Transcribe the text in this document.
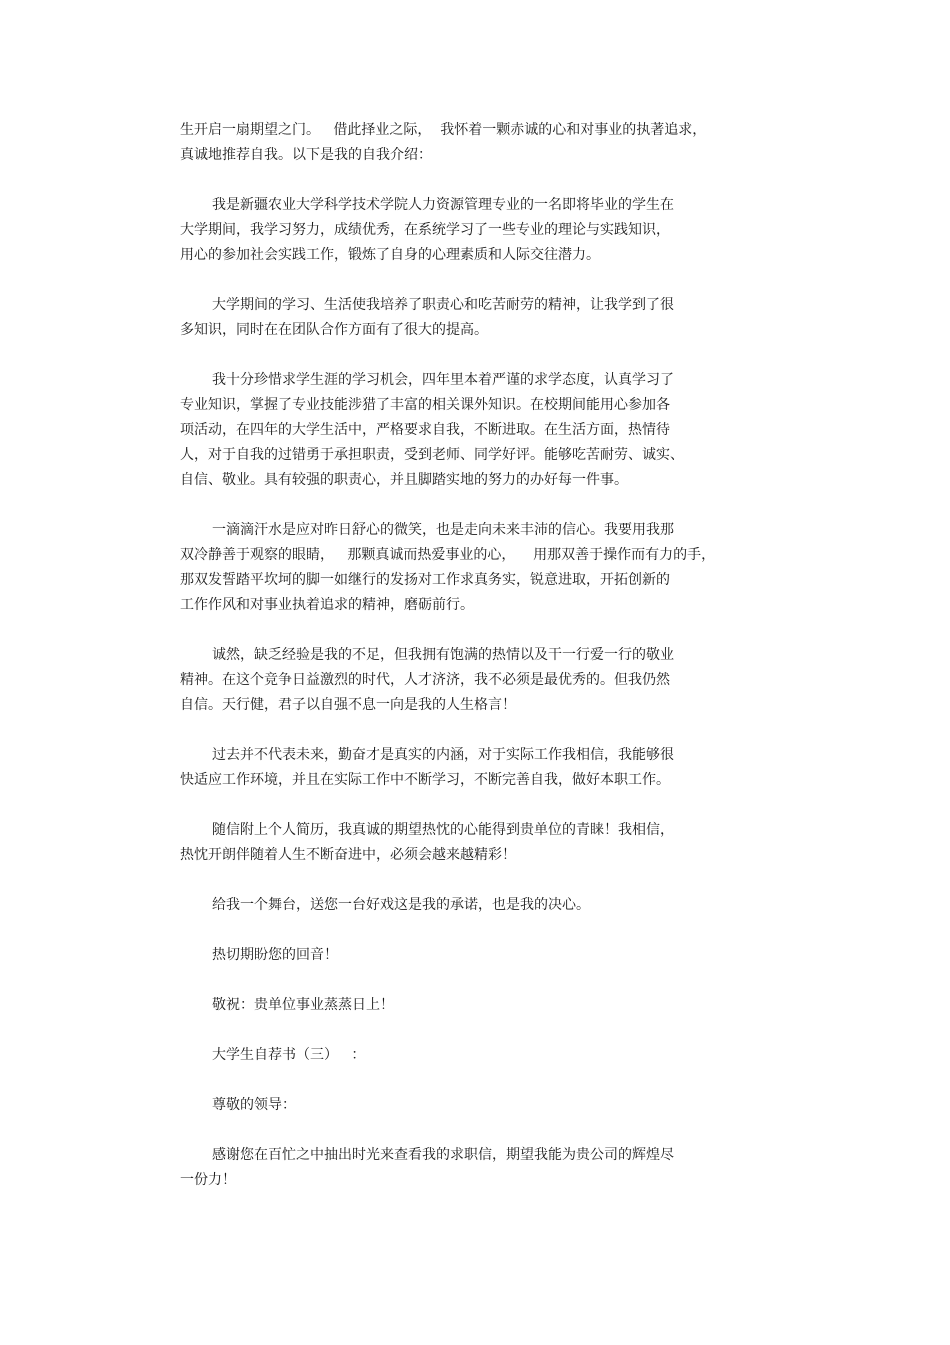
生开启一扇期望之门。   借此择业之际，  我怀着一颗赤诚的心和对事业的执著追求，
真诚地推荐自我。以下是我的自我介绍：
我是新疆农业大学科学技术学院人力资源管理专业的一名即将毕业的学生在
大学期间，我学习努力，成绩优秀，在系统学习了一些专业的理论与实践知识，
用心的参加社会实践工作，锻炼了自身的心理素质和人际交往潜力。
大学期间的学习、生活使我培养了职责心和吃苦耐劳的精神，让我学到了很
多知识，同时在在团队合作方面有了很大的提高。
我十分珍惜求学生涯的学习机会，四年里本着严谨的求学态度，认真学习了
专业知识，掌握了专业技能涉猎了丰富的相关课外知识。在校期间能用心参加各
项活动，在四年的大学生活中，严格要求自我，不断进取。在生活方面，热情待
人，对于自我的过错勇于承担职责，受到老师、同学好评。能够吃苦耐劳、诚实、
自信、敬业。具有较强的职责心，并且脚踏实地的努力的办好每一件事。
一滴滴汗水是应对昨日舒心的微笑，也是走向未来丰沛的信心。我要用我那
双冷静善于观察的眼睛，   那颗真诚而热爱事业的心，    用那双善于操作而有力的手，
那双发誓踏平坎坷的脚一如继行的发扬对工作求真务实，锐意进取，开拓创新的
工作作风和对事业执着追求的精神，磨砺前行。
诚然，缺乏经验是我的不足，但我拥有饱满的热情以及干一行爱一行的敬业
精神。在这个竞争日益激烈的时代，人才济济，我不必须是最优秀的。但我仍然
自信。天行健，君子以自强不息一向是我的人生格言！
过去并不代表未来，勤奋才是真实的内涵，对于实际工作我相信，我能够很
快适应工作环境，并且在实际工作中不断学习，不断完善自我，做好本职工作。
随信附上个人简历，我真诚的期望热忱的心能得到贵单位的青睐！我相信，
热忱开朗伴随着人生不断奋进中，必须会越来越精彩！
给我一个舞台，送您一台好戏这是我的承诺，也是我的决心。
热切期盼您的回音！
敬祝：贵单位事业蒸蒸日上！
大学生自荐书（三）   ：
尊敬的领导：
感谢您在百忙之中抽出时光来查看我的求职信，期望我能为贵公司的辉煌尽
一份力！
